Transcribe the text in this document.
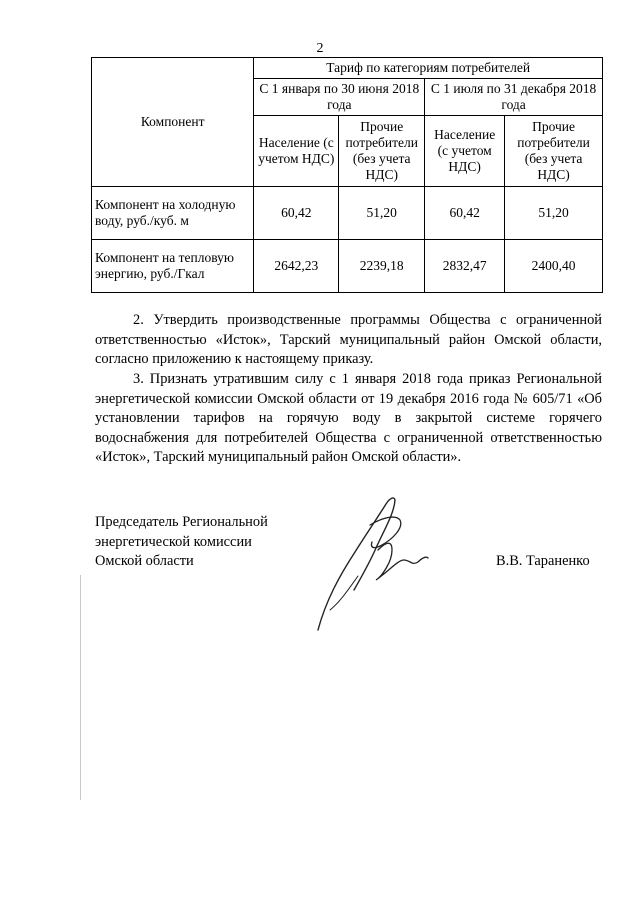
2
Компонент	Тариф по категориям потребителей			
	С 1 января по 30 июня 2018 года		С 1 июля по 31 декабря 2018 года	
	Население (с учетом НДС)	Прочие потребители (без учета НДС)	Население (с учетом НДС)	Прочие потребители (без учета НДС)
Компонент на холодную воду, руб./куб. м	60,42	51,20	60,42	51,20
Компонент на тепловую энергию, руб./Гкал	2642,23	2239,18	2832,47	2400,40

2. Утвердить производственные программы Общества с ограниченной ответственностью «Исток», Тарский муниципальный район Омской области, согласно приложению к настоящему приказу.

3. Признать утратившим силу с 1 января 2018 года приказ Региональной энергетической комиссии Омской области от 19 декабря 2016 года № 605/71 «Об установлении тарифов на горячую воду в закрытой системе горячего водоснабжения для потребителей Общества с ограниченной ответственностью «Исток», Тарский муниципальный район Омской области».

Председатель Региональной
энергетической комиссии
Омской области	В.В. Тараненко
